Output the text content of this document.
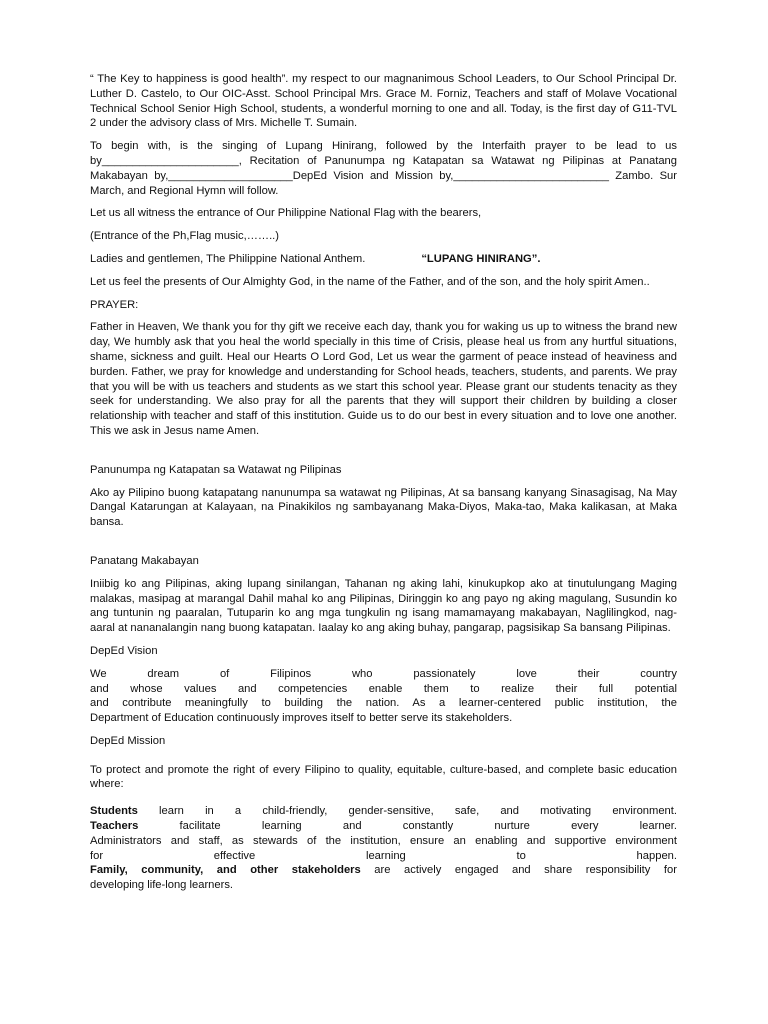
“ The Key to happiness is good health”. my respect to our magnanimous School Leaders, to Our School Principal Dr. Luther D. Castelo, to Our OIC-Asst. School Principal Mrs. Grace M. Forniz, Teachers and staff of Molave Vocational Technical School Senior High School, students, a wonderful morning to one and all. Today, is the first day of G11-TVL 2 under the advisory class of Mrs. Michelle T. Sumain.

To begin with, is the singing of Lupang Hinirang, followed by the Interfaith prayer to be lead to us by______________________, Recitation of Panunumpa ng Katapatan sa Watawat ng Pilipinas at Panatang Makabayan by,____________________DepEd Vision and Mission by,_________________________ Zambo. Sur March, and Regional Hymn will follow.

Let us all witness the entrance of Our Philippine National Flag with the bearers,

(Entrance of the Ph,Flag music,……..)

Ladies and gentlemen, The Philippine National Anthem.	“LUPANG HINIRANG”.

Let us feel the presents of Our Almighty God, in the name of the Father, and of the son, and the holy spirit Amen..

PRAYER:

Father in Heaven, We thank you for thy gift we receive each day, thank you for waking us up to witness the brand new day, We humbly ask that you heal the world specially in this time of Crisis, please heal us from any hurtful situations, shame, sickness and guilt. Heal our Hearts O Lord God, Let us wear the garment of peace instead of heaviness and burden. Father, we pray for knowledge and understanding for School heads, teachers, students, and parents. We pray that you will be with us teachers and students as we start this school year. Please grant our students tenacity as they seek for understanding. We also pray for all the parents that they will support their children by building a closer relationship with teacher and staff of this institution. Guide us to do our best in every situation and to love one another. This we ask in Jesus name Amen.

Panunumpa ng Katapatan sa Watawat ng Pilipinas

Ako ay Pilipino buong katapatang nanunumpa sa watawat ng Pilipinas, At sa bansang kanyang Sinasagisag, Na May Dangal Katarungan at Kalayaan, na Pinakikilos ng sambayanang Maka-Diyos, Maka-tao, Maka kalikasan, at Maka bansa.

Panatang Makabayan

Iniibig ko ang Pilipinas, aking lupang sinilangan, Tahanan ng aking lahi, kinukupkop ako at tinutulungang Maging malakas, masipag at marangal Dahil mahal ko ang Pilipinas, Diringgin ko ang payo ng aking magulang, Susundin ko ang tuntunin ng paaralan, Tutuparin ko ang mga tungkulin ng isang mamamayang makabayan, Naglilingkod, nag-aaral at nananalangin nang buong katapatan. Iaalay ko ang aking buhay, pangarap, pagsisikap Sa bansang Pilipinas.

DepEd Vision

We dream of Filipinos who passionately love their country
and whose values and competencies enable them to realize their full potential
and contribute meaningfully to building the nation. As a learner-centered public institution, the
Department of Education continuously improves itself to better serve its stakeholders.

DepEd Mission

To protect and promote the right of every Filipino to quality, equitable, culture-based, and complete basic education where:

Students learn in a child-friendly, gender-sensitive, safe, and motivating environment.
Teachers facilitate learning and constantly nurture every learner.
Administrators and staff, as stewards of the institution, ensure an enabling and supportive environment
for effective learning to happen.
Family, community, and other stakeholders are actively engaged and share responsibility for
developing life-long learners.
